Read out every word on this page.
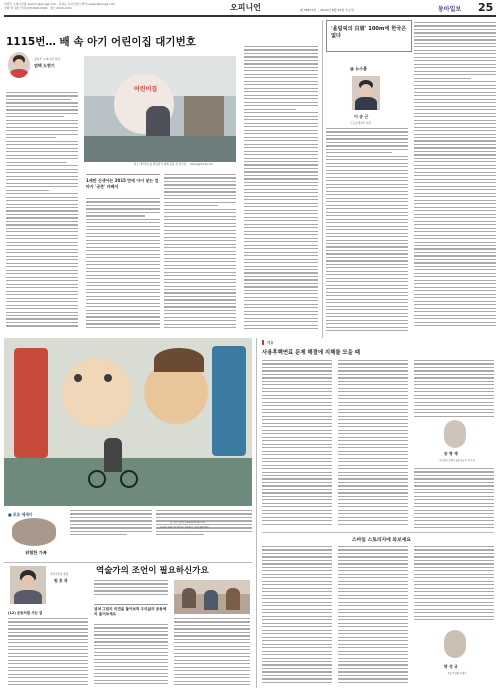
의견은 오피니언팀 opinion@donga.com · 독자는 독자서비스센터 reader@donga.com
전화 및 내부 안내 (02)2020-0000 · 팩스 2020-1234	오피니언	제 28377호 2012년 8월 10일 수요일	동아일보 25
1115번… 배 속 아기 어린이집 대기번호
정치부 오피니언 차장
염택 도현기
어린이집
입소 대기번호를 발급받기 위해 줄을 선 부모들	hwkang@donga.com
1세반 신생아는 2015 만에 아이 낳는 엄마가 '공존' 카페서
'올림픽의 白眉' 100m에 한국은 없다
@ 뉴스룸
이 승 근
스포츠레저부 차장
■ 포토 에세이
위험한 가족
글·사진 사진부 yuhik@donga.com
Canon 1DX 24-70mm, 1/100초, f2.8 ISO 400
기고
사용후핵연료 문제 해결에 지혜를 모을 때
송 명 재
한국방사성폐기물관리공단 이사장
스마일 스토리지에 와보세요
박 성 규
폰초기업원 비평가
여성주의자 칼럼
원 호 작
역술가의 조언이 필요하신가요
(12) 운동처럼 사는 걸
넘쳐 그림의 의견을 돌아보며 우리삶의 공동체의 울어보세요
